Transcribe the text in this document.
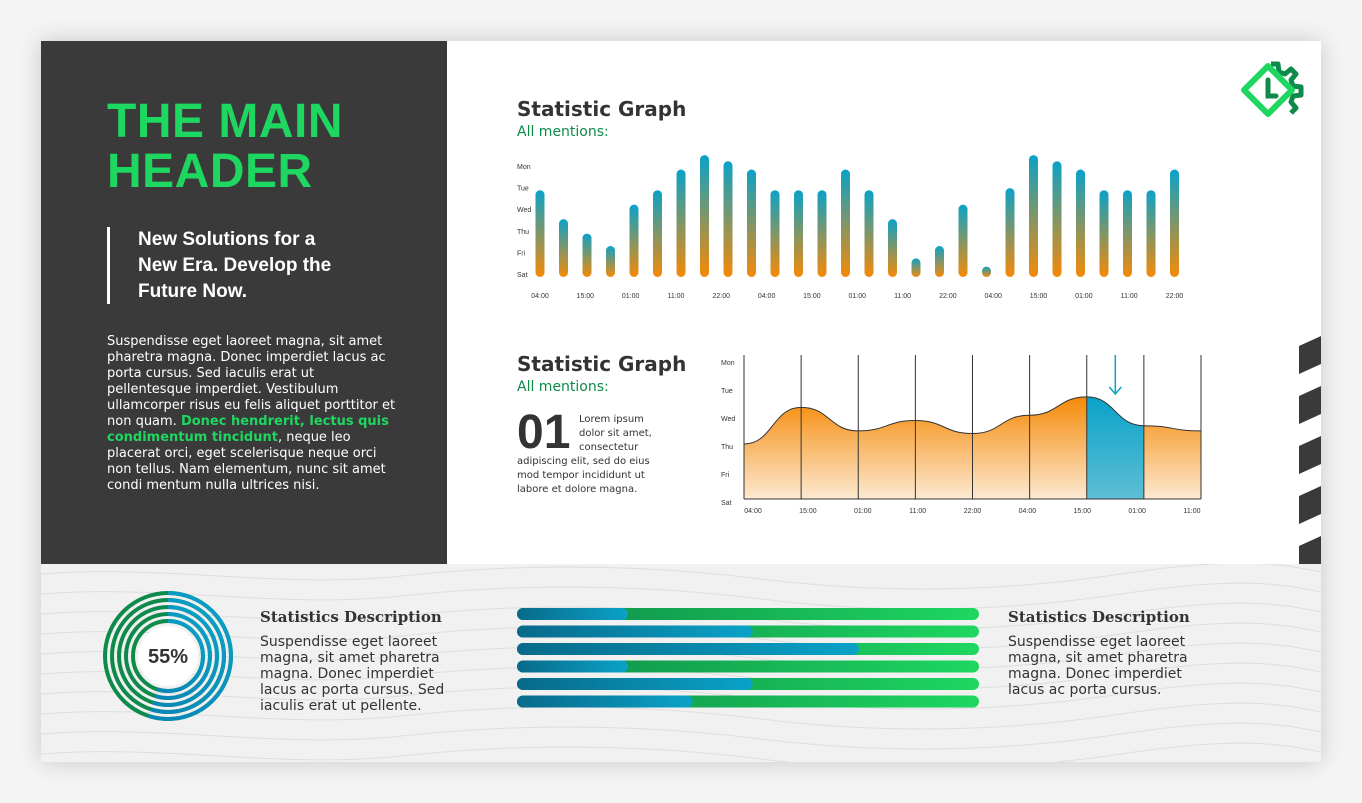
THE MAIN
HEADER
New Solutions for a
New Era. Develop the
Future Now.
Suspendisse eget laoreet magna, sit amet pharetra magna. Donec imperdiet lacus ac porta cursus. Sed iaculis erat ut pellentesque imperdiet. Vestibulum ullamcorper risus eu felis aliquet porttitor et non quam. Donec hendrerit, lectus quis condimentum tincidunt, neque leo placerat orci, eget scelerisque neque orci non tellus. Nam elementum, nunc sit amet condi mentum nulla ultrices nisi.
Statistic Graph
All mentions:
Mon
Tue
Wed
Thu
Fri
Sat
04:00	15:00	01:00	11:00	22:00	04:00	15:00	01:00	11:00	22:00	04:00	15:00	01:00	11:00	22:00
Statistic Graph
All mentions:
01 Lorem ipsum
dolor sit amet,
consectetur
adipiscing elit, sed do eius
mod tempor incididunt ut
labore et dolore magna.
Mon
Tue
Wed
Thu
Fri
Sat
04:00	15:00	01:00	11:00	22:00	04:00	15:00	01:00	11:00
55%
Statistics Description
Suspendisse eget laoreet
magna, sit amet pharetra
magna. Donec imperdiet
lacus ac porta cursus. Sed
iaculis erat ut pellente.
Statistics Description
Suspendisse eget laoreet
magna, sit amet pharetra
magna. Donec imperdiet
lacus ac porta cursus.
